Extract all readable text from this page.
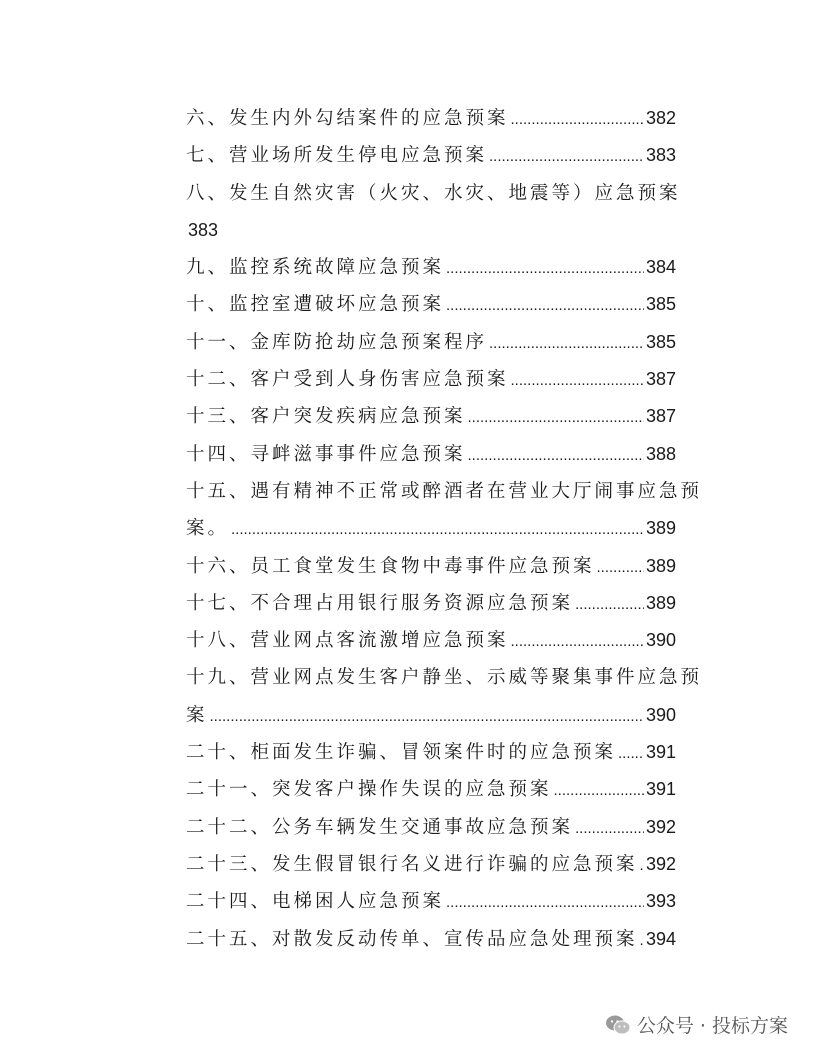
六、发生内外勾结案件的应急预案 .....	382
七、营业场所发生停电应急预案 .....	383
八、发生自然灾害（火灾、水灾、地震等）应急预案
383
九、监控系统故障应急预案 .....	384
十、监控室遭破坏应急预案 .....	385
十一、金库防抢劫应急预案程序 .....	385
十二、客户受到人身伤害应急预案 .....	387
十三、客户突发疾病应急预案 .....	387
十四、寻衅滋事事件应急预案 .....	388
十五、遇有精神不正常或醉酒者在营业大厅闹事应急预
案。 .....	389
十六、员工食堂发生食物中毒事件应急预案 .....	389
十七、不合理占用银行服务资源应急预案 .....	389
十八、营业网点客流激增应急预案 .....	390
十九、营业网点发生客户静坐、示威等聚集事件应急预
案 .....	390
二十、柜面发生诈骗、冒领案件时的应急预案 ..... 391
二十一、突发客户操作失误的应急预案 .....	391
二十二、公务车辆发生交通事故应急预案 .....	392
二十三、发生假冒银行名义进行诈骗的应急预案 ..... 392
二十四、电梯困人应急预案 .....	393
二十五、对散发反动传单、宣传品应急处理预案 ..... 394
公众号 · 投标方案
